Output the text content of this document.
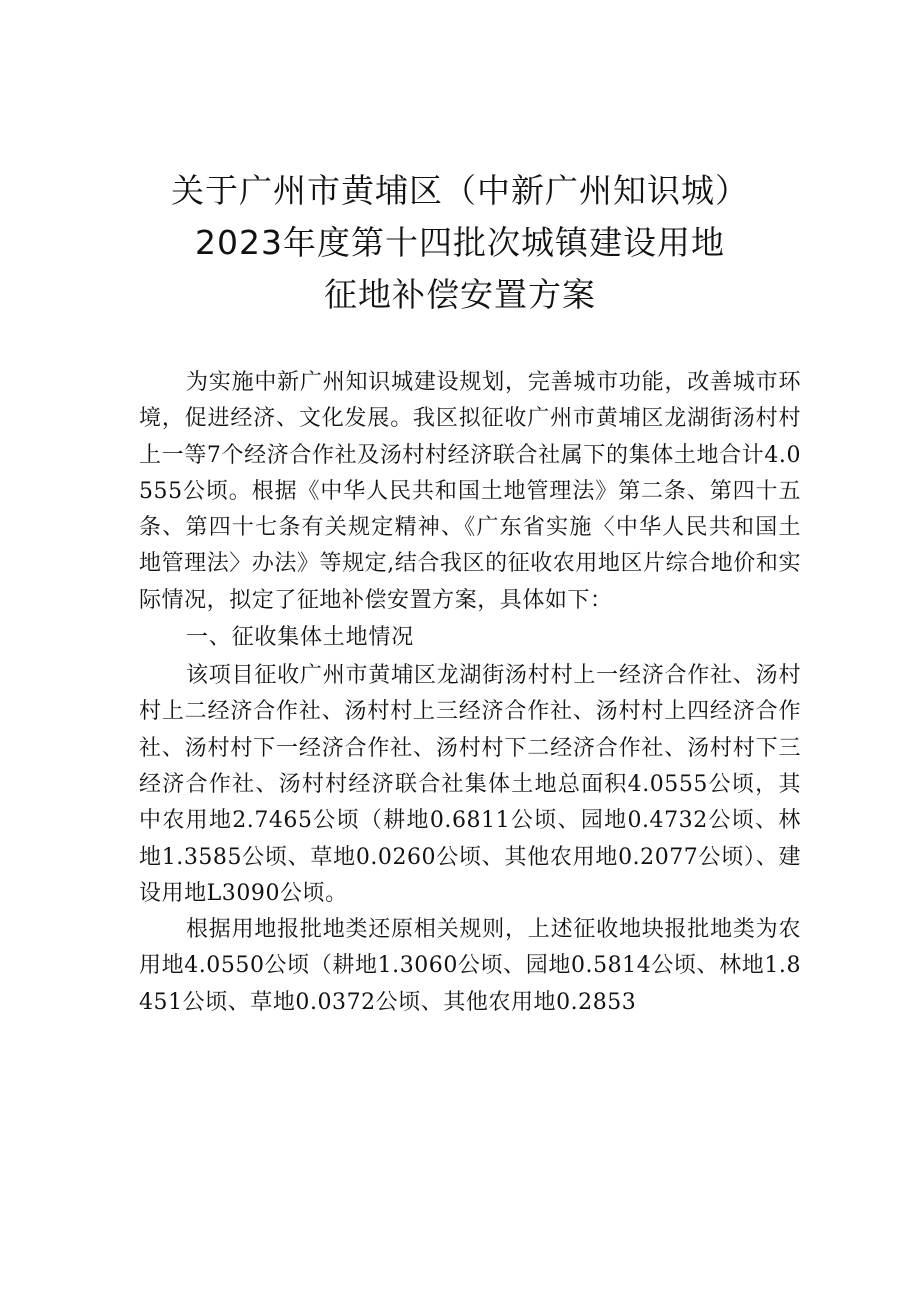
关于广州市黄埔区（中新广州知识城）
2023年度第十四批次城镇建设用地
征地补偿安置方案

为实施中新广州知识城建设规划，完善城市功能，改善城市环境，促进经济、文化发展。我区拟征收广州市黄埔区龙湖街汤村村上一等7个经济合作社及汤村村经济联合社属下的集体土地合计4.0555公顷。根据《中华人民共和国土地管理法》第二条、第四十五条、第四十七条有关规定精神、《广东省实施〈中华人民共和国土地管理法〉办法》等规定,结合我区的征收农用地区片综合地价和实际情况，拟定了征地补偿安置方案，具体如下：

一、征收集体土地情况

该项目征收广州市黄埔区龙湖街汤村村上一经济合作社、汤村村上二经济合作社、汤村村上三经济合作社、汤村村上四经济合作社、汤村村下一经济合作社、汤村村下二经济合作社、汤村村下三经济合作社、汤村村经济联合社集体土地总面积4.0555公顷，其中农用地2.7465公顷（耕地0.6811公顷、园地0.4732公顷、林地1.3585公顷、草地0.0260公顷、其他农用地0.2077公顷）、建设用地L3090公顷。

根据用地报批地类还原相关规则，上述征收地块报批地类为农用地4.0550公顷（耕地1.3060公顷、园地0.5814公顷、林地1.8451公顷、草地0.0372公顷、其他农用地0.2853
